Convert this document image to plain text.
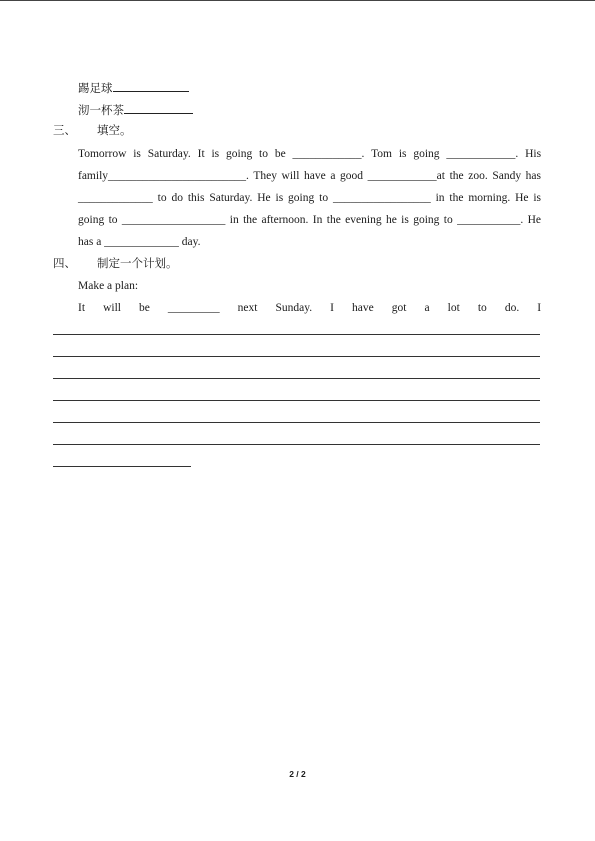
踢足球
沏一杯茶
三、 填空。
Tomorrow is Saturday. It is going to be ____________. Tom is going ____________. His
family________________________. They will have a good ____________at the zoo. Sandy has
_____________ to do this Saturday. He is going to _________________ in the morning. He is
going to __________________ in the afternoon. In the evening he is going to ___________. He
has a _____________ day.
四、 制定一个计划。
Make a plan:
It will be _________ next Sunday. I have got a lot to do. I
2 / 2
